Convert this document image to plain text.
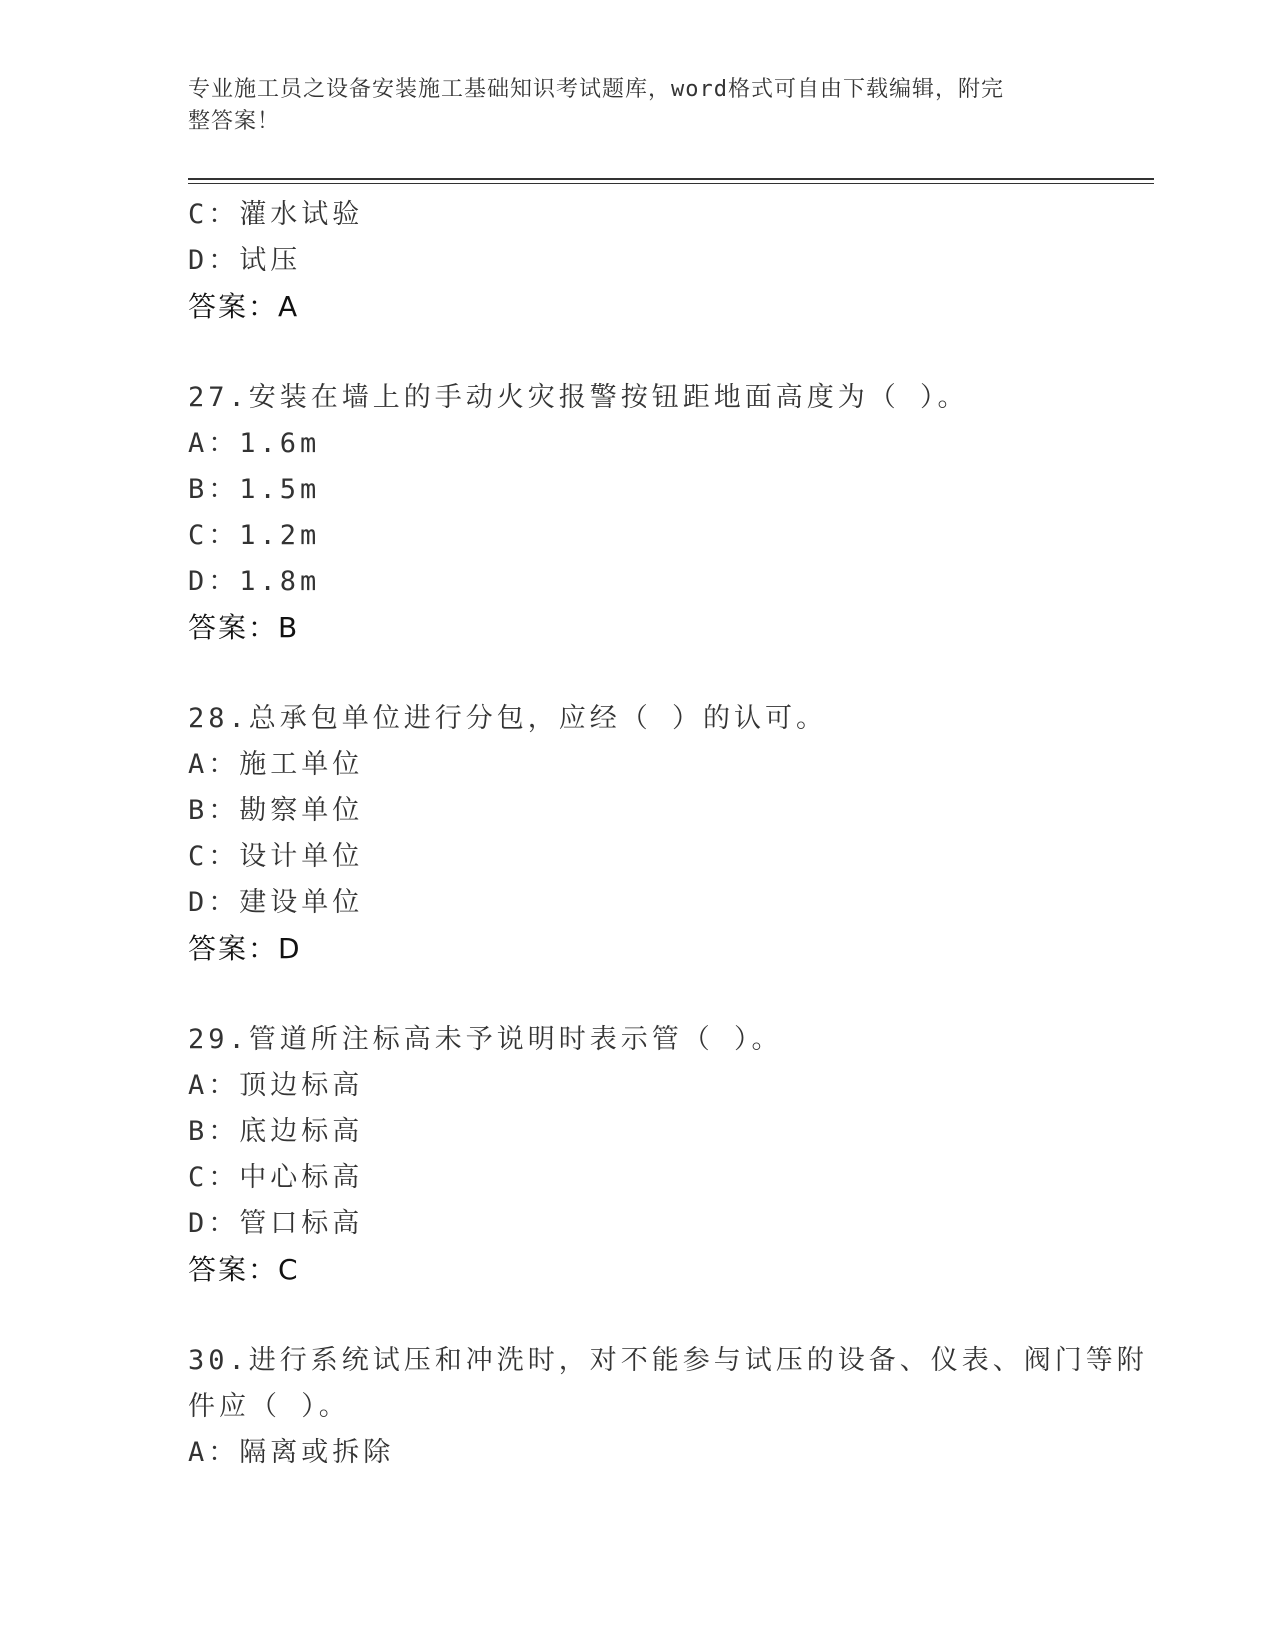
专业施工员之设备安装施工基础知识考试题库，word格式可自由下载编辑，附完
整答案！
C：灌水试验
D：试压
答案：A
27.安装在墙上的手动火灾报警按钮距地面高度为（ ）。
A：1.6m
B：1.5m
C：1.2m
D：1.8m
答案：B
28.总承包单位进行分包，应经（ ）的认可。
A：施工单位
B：勘察单位
C：设计单位
D：建设单位
答案：D
29.管道所注标高未予说明时表示管（ ）。
A：顶边标高
B：底边标高
C：中心标高
D：管口标高
答案：C
30.进行系统试压和冲洗时，对不能参与试压的设备、仪表、阀门等附
件应（ ）。
A：隔离或拆除
